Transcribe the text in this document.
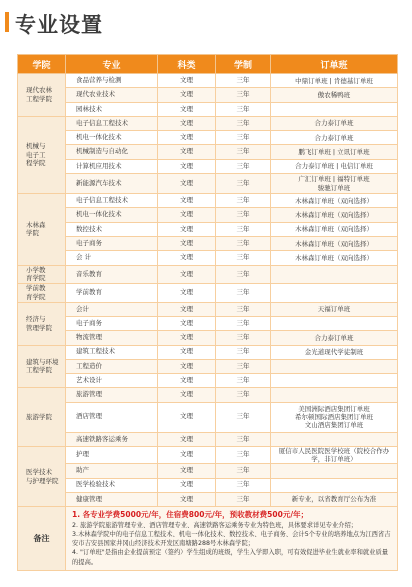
专业设置
学院	专业	科类	学制	订单班
现代农林
工程学院	食品营养与检测	文理	三年	中鼎订单班 | 肯德基订单班
	现代农业技术	文理	三年	傲农稀鸭班
	园林技术	文理	三年	
机械与
电子工
程学院	电子信息工程技术	文理	三年	合力泰订单班
	机电一体化技术	文理	三年	合力泰订单班
	机械制造与自动化	文理	三年	鹏飞订单班 | 立讯订单班
	计算机应用技术	文理	三年	合力泰订单班 | 电信订单班
	新能源汽车技术	文理	三年	广汇订单班 | 福特订单班
骏驰订单班
木林森
学院	电子信息工程技术	文理	三年	木林森订单班（双向选择）
	机电一体化技术	文理	三年	木林森订单班（双向选择）
	数控技术	文理	三年	木林森订单班（双向选择）
	电子商务	文理	三年	木林森订单班（双向选择）
	会 计	文理	三年	木林森订单班（双向选择）
小学教
育学院	音乐教育	文理	三年	
学前教
育学院	学前教育	文理	三年	
经济与
管理学院	会计	文理	三年	天福订单班
	电子商务	文理	三年	
	物流管理	文理	三年	合力泰订单班
建筑与环境
工程学院	建筑工程技术	文理	三年	金光道现代学徒制班
	工程造价	文理	三年	
	艺术设计	文理	三年	
旅游学院	旅游管理	文理	三年	
	酒店管理	文理	三年	美国洲际酒店集团订单班
希尔顿国际酒店集团订单班
文山酒店集团订单班
	高速铁路客运乘务	文理	三年	
医学技术
与护理学院	护理	文理	三年	厦信市人民医院医学校班（院校合作办学，非订单班）
	助产	文理	三年	
	医学检验技术	文理	三年	
	健康管理	文理	三年	新专业，以省教育厅公布为准
备注	1. 各专业学费5000元/年，住宿费800元/年，预收教材费500元/年；
2. 旅游学院旅游管理专业、酒店管理专业、高速铁路客运乘务专业为特色班，具体要求详见专业介绍；
3.木林森学院中的电子信息工程技术、机电一体化技术、数控技术、电子商务、会计5个专业的培养地点为江西省吉安市吉安县国家井冈山经济技术开发区南塘路288号木林森学院；
4. "订单班"是指由企业提前预定（签约）学生组成的班级，学生入学即入职，可有效促进毕业生就业率和就业质量的提高。			
